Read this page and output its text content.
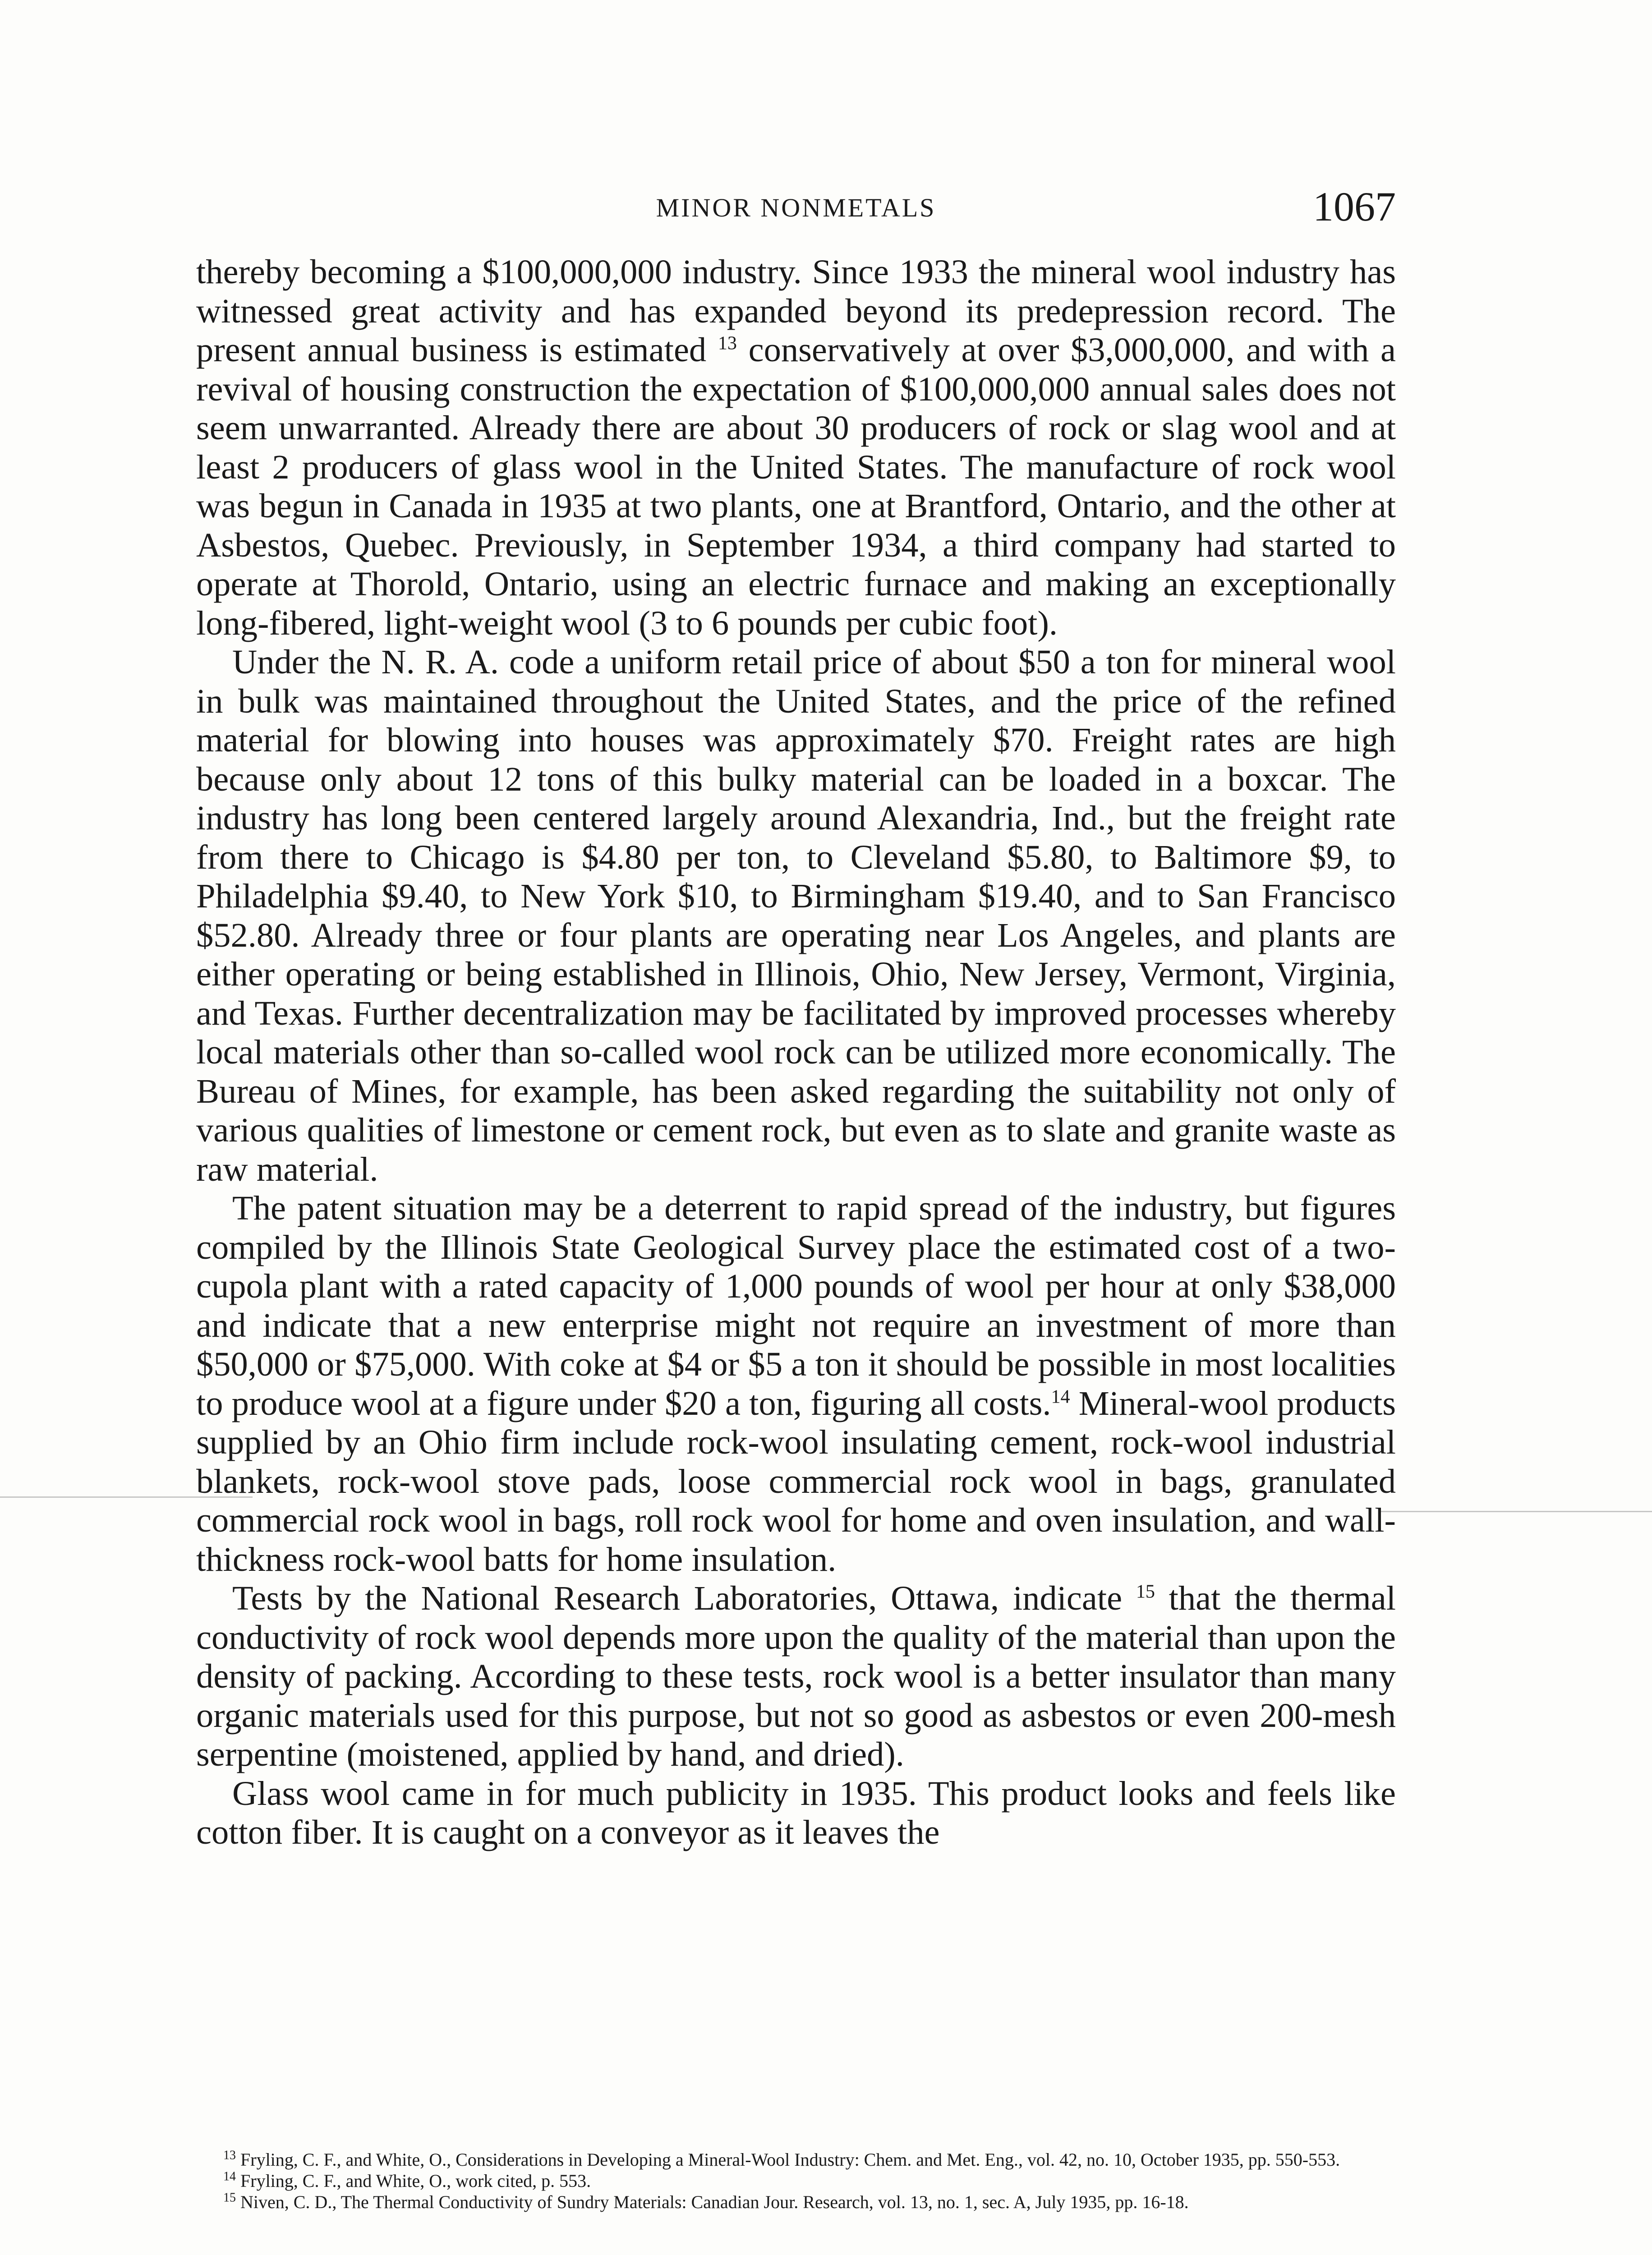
MINOR NONMETALS	1067

thereby becoming a $100,000,000 industry. Since 1933 the mineral wool industry has witnessed great activity and has expanded beyond its predepression record. The present annual business is estimated $^{13}$ conservatively at over $3,000,000, and with a revival of housing construction the expectation of $100,000,000 annual sales does not seem unwarranted. Already there are about 30 producers of rock or slag wool and at least 2 producers of glass wool in the United States. The manufacture of rock wool was begun in Canada in 1935 at two plants, one at Brantford, Ontario, and the other at Asbestos, Quebec. Previously, in September 1934, a third company had started to operate at Thorold, Ontario, using an electric furnace and making an exceptionally long-fibered, light-weight wool (3 to 6 pounds per cubic foot).

Under the N. R. A. code a uniform retail price of about $50 a ton for mineral wool in bulk was maintained throughout the United States, and the price of the refined material for blowing into houses was approximately $70. Freight rates are high because only about 12 tons of this bulky material can be loaded in a boxcar. The industry has long been centered largely around Alexandria, Ind., but the freight rate from there to Chicago is $4.80 per ton, to Cleveland $5.80, to Baltimore $9, to Philadelphia $9.40, to New York $10, to Birmingham $19.40, and to San Francisco $52.80. Already three or four plants are operating near Los Angeles, and plants are either operating or being established in Illinois, Ohio, New Jersey, Vermont, Virginia, and Texas. Further decentralization may be facilitated by improved processes whereby local materials other than so-called wool rock can be utilized more economically. The Bureau of Mines, for example, has been asked regarding the suitability not only of various qualities of limestone or cement rock, but even as to slate and granite waste as raw material.

The patent situation may be a deterrent to rapid spread of the industry, but figures compiled by the Illinois State Geological Survey place the estimated cost of a two-cupola plant with a rated capacity of 1,000 pounds of wool per hour at only $38,000 and indicate that a new enterprise might not require an investment of more than $50,000 or $75,000. With coke at $4 or $5 a ton it should be possible in most localities to produce wool at a figure under $20 a ton, figuring all costs.$^{14}$ Mineral-wool products supplied by an Ohio firm include rock-wool insulating cement, rock-wool industrial blankets, rock-wool stove pads, loose commercial rock wool in bags, granulated commercial rock wool in bags, roll rock wool for home and oven insulation, and wall-thickness rock-wool batts for home insulation.

Tests by the National Research Laboratories, Ottawa, indicate $^{15}$ that the thermal conductivity of rock wool depends more upon the quality of the material than upon the density of packing. According to these tests, rock wool is a better insulator than many organic materials used for this purpose, but not so good as asbestos or even 200-mesh serpentine (moistened, applied by hand, and dried).

Glass wool came in for much publicity in 1935. This product looks and feels like cotton fiber. It is caught on a conveyor as it leaves the

$^{13}$ Fryling, C. F., and White, O., Considerations in Developing a Mineral-Wool Industry: Chem. and Met. Eng., vol. 42, no. 10, October 1935, pp. 550-553.

$^{14}$ Fryling, C. F., and White, O., work cited, p. 553.

$^{15}$ Niven, C. D., The Thermal Conductivity of Sundry Materials: Canadian Jour. Research, vol. 13, no. 1, sec. A, July 1935, pp. 16-18.
